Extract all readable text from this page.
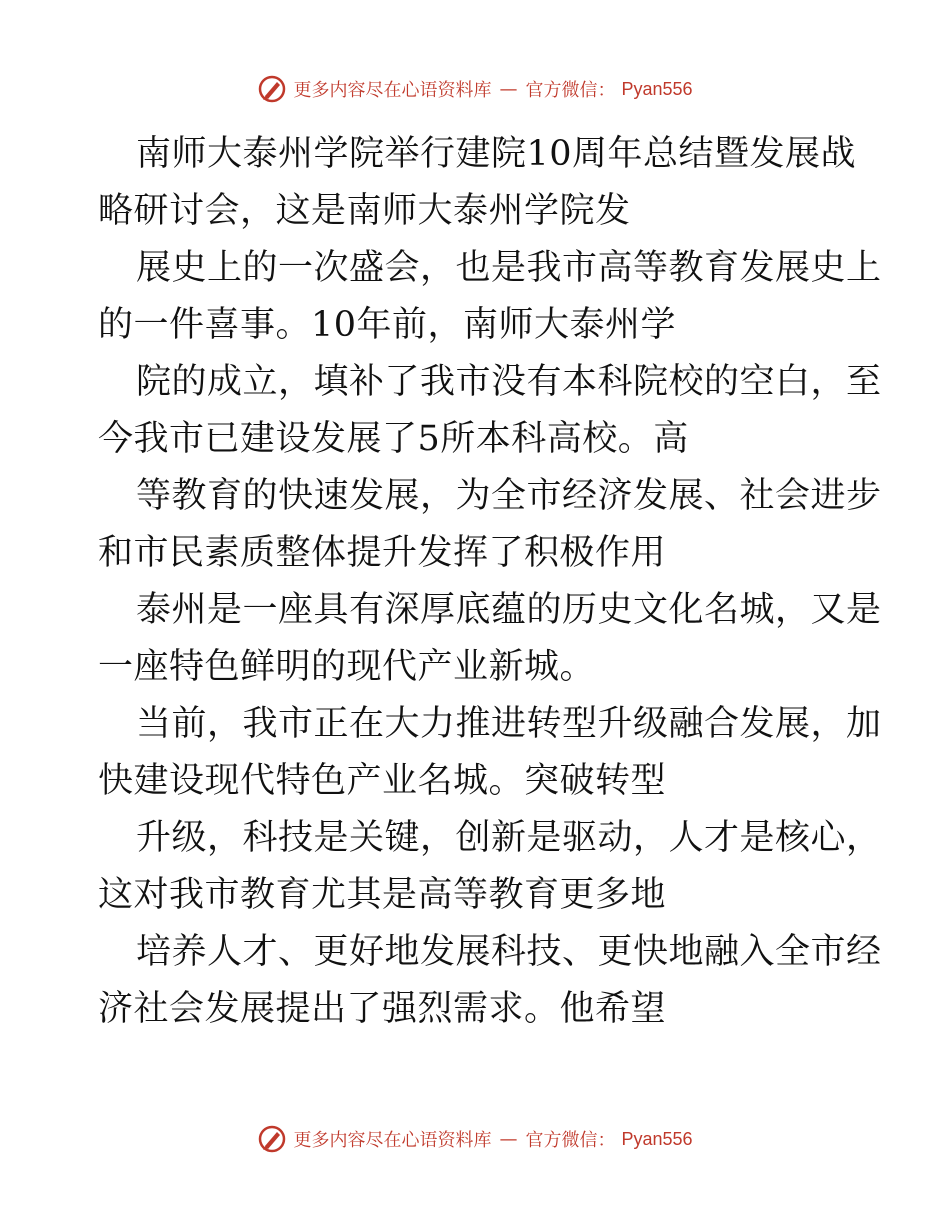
更多内容尽在心语资料库 — 官方微信： Pyan556
南师大泰州学院举行建院10周年总结暨发展战
略研讨会，这是南师大泰州学院发
展史上的一次盛会，也是我市高等教育发展史上
的一件喜事。10年前，南师大泰州学
院的成立，填补了我市没有本科院校的空白，至
今我市已建设发展了5所本科高校。高
等教育的快速发展，为全市经济发展、社会进步
和市民素质整体提升发挥了积极作用
泰州是一座具有深厚底蕴的历史文化名城，又是
一座特色鲜明的现代产业新城。
当前，我市正在大力推进转型升级融合发展，加
快建设现代特色产业名城。突破转型
升级，科技是关键，创新是驱动，人才是核心，
这对我市教育尤其是高等教育更多地
培养人才、更好地发展科技、更快地融入全市经
济社会发展提出了强烈需求。他希望
更多内容尽在心语资料库 — 官方微信： Pyan556
